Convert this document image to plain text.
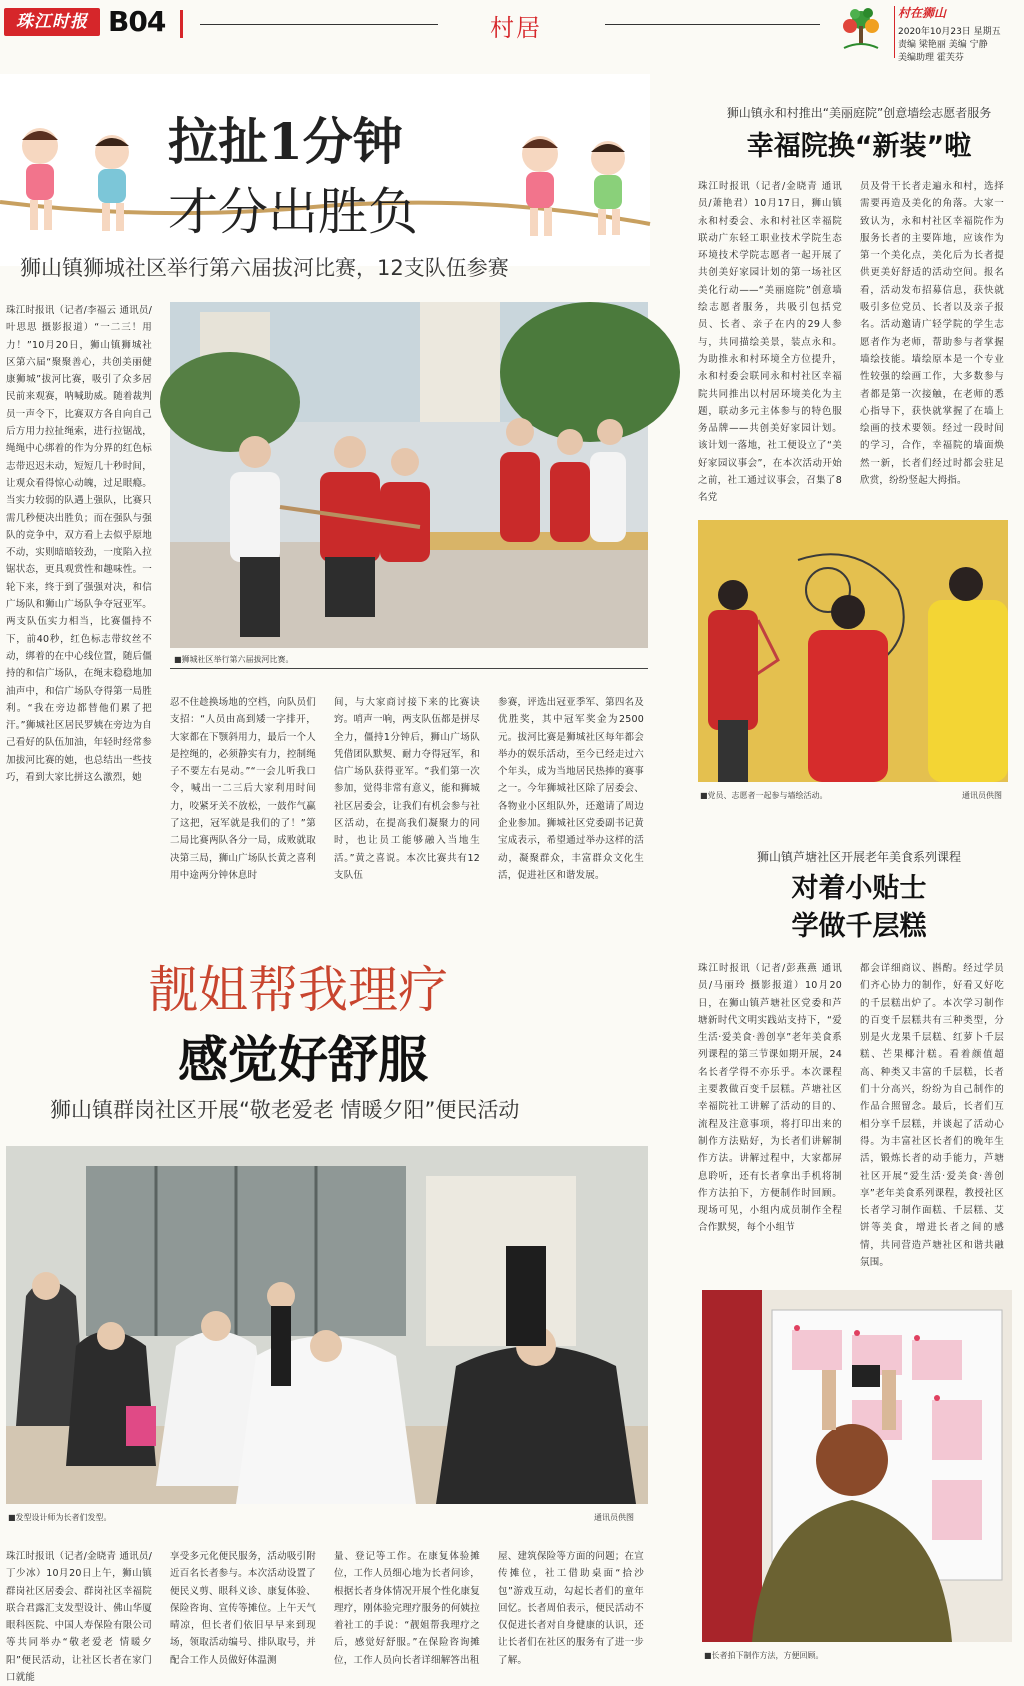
珠江时报 B04	村居
村在狮山
2020年10月23日 星期五
责编 梁艳丽 美编 宁静
美编助理 霍芙芬
拉扯1分钟
才分出胜负
狮山镇狮城社区举行第六届拔河比赛，12支队伍参赛
珠江时报讯（记者/李福云 通讯员/叶思思 摄影报道）“一二三！用力！”10月20日，狮山镇狮城社区第六届“聚聚善心，共创美丽健康狮城”拔河比赛，吸引了众多居民前来观赛，呐喊助威。随着裁判员一声令下，比赛双方各自向自己后方用力拉扯绳索，进行拉锯战，绳绳中心绑着的作为分界的红色标志带迟迟未动，短短几十秒时间，让观众看得惊心动魄，过足眼瘾。当实力较弱的队遇上强队，比赛只需几秒便决出胜负；而在强队与强队的竞争中，双方看上去似乎原地不动，实则暗暗较劲，一度陷入拉锯状态，更具观赏性和趣味性。一轮下来，终于到了强强对决，和信广场队和狮山广场队争夺冠亚军。两支队伍实力相当，比赛僵持不下，前40秒，红色标志带纹丝不动，绑着的在中心线位置，随后僵持的和信广场队，在绳末稳稳地加油声中，和信广场队夺得第一局胜利。“我在旁边都替他们累了把汗。”狮城社区居民罗姨在旁边为自己看好的队伍加油，年轻时经常参加拔河比赛的她，也总结出一些技巧，看到大家比拼这么激烈，她
■狮城社区举行第六届拔河比赛。
忍不住趁换场地的空档，向队员们支招：“人员由高到矮一字排开，大家都在下颚斜用力，最后一个人是控绳的，必须静实有力，控制绳子不要左右晃动。”“一会儿听我口令，喊出一二三后大家利用时间力，咬紧牙关不放松，一鼓作气赢了这把，冠军就是我们的了！”第二局比赛两队各分一局，成败就取决第三局，狮山广场队长黄之喜利用中途两分钟休息时
间，与大家商讨接下来的比赛诀窍。哨声一响，两支队伍都是拼尽全力，僵持1分钟后，狮山广场队凭借团队默契、耐力夺得冠军，和信广场队获得亚军。“我们第一次参加，觉得非常有意义，能和狮城社区居委会，让我们有机会参与社区活动，在提高我们凝聚力的同时，也让员工能够融入当地生活。”黄之喜说。本次比赛共有12支队伍
参赛，评选出冠亚季军、第四名及优胜奖，其中冠军奖金为2500元。拔河比赛是狮城社区每年都会举办的娱乐活动，至今已经走过六个年头，成为当地居民热捧的赛事之一。今年狮城社区除了居委会、各物业小区组队外，还邀请了周边企业参加。狮城社区党委副书记黄宝成表示，希望通过举办这样的活动，凝聚群众，丰富群众文化生活，促进社区和谐发展。
狮山镇永和村推出“美丽庭院”创意墙绘志愿者服务
幸福院换“新装”啦
珠江时报讯（记者/金晓青 通讯员/萧艳君）10月17日，狮山镇永和村委会、永和村社区幸福院联动广东轻工职业技术学院生态环境技术学院志愿者一起开展了共创美好家园计划的第一场社区美化行动——“美丽庭院”创意墙绘志愿者服务，共吸引包括党员、长者、亲子在内的29人参与，共同描绘美景，装点永和。为助推永和村环境全方位提升，永和村委会联同永和村社区幸福院共同推出以村居环境美化为主题，联动多元主体参与的特色服务品牌——共创美好家园计划。该计划一落地，社工便设立了“美好家园议事会”，在本次活动开始之前，社工通过议事会，召集了8名党
员及骨干长者走遍永和村，选择需要再造及美化的角落。大家一致认为，永和村社区幸福院作为服务长者的主要阵地，应该作为第一个美化点，美化后为长者提供更美好舒适的活动空间。报名看，活动发布招募信息，获快就吸引多位党员、长者以及亲子报名。活动邀请广轻学院的学生志愿者作为老师，帮助参与者掌握墙绘技能。墙绘原本是一个专业性较强的绘画工作，大多数参与者都是第一次接触，在老师的悉心指导下，获快就掌握了在墙上绘画的技术要领。经过一段时间的学习，合作，幸福院的墙面焕然一新，长者们经过时都会驻足欣赏，纷纷竖起大拇指。
■党员、志愿者一起参与墙绘活动。	通讯员供图
狮山镇芦塘社区开展老年美食系列课程
对着小贴士
学做千层糕
珠江时报讯（记者/彭燕燕 通讯员/马丽玲 摄影报道）10月20日，在狮山镇芦塘社区党委和芦塘新时代文明实践站支持下，“爱生活·爱美食·善创享”老年美食系列课程的第三节课如期开展，24名长者学得不亦乐乎。本次课程主要教做百变千层糕。芦塘社区幸福院社工讲解了活动的目的、流程及注意事项，将打印出来的制作方法贴好，为长者们讲解制作方法。讲解过程中，大家都屏息聆听，还有长者拿出手机将制作方法拍下，方便制作时回顾。现场可见，小组内成员制作全程合作默契，每个小组节
都会详细商议、斟酌。经过学员们齐心协力的制作，好看又好吃的千层糕出炉了。本次学习制作的百变千层糕共有三种类型，分别是火龙果千层糕、红萝卜千层糕、芒果椰汁糕。看着颜值超高、种类又丰富的千层糕，长者们十分高兴，纷纷为自己制作的作品合照留念。最后，长者们互相分享千层糕，并谈起了活动心得。为丰富社区长者们的晚年生活，锻炼长者的动手能力，芦塘社区开展“爱生活·爱美食·善创享”老年美食系列课程，教授社区长者学习制作面糕、千层糕、艾饼等美食，增进长者之间的感情，共同营造芦塘社区和谐共融氛围。
■长者拍下制作方法，方便回顾。
靓姐帮我理疗
感觉好舒服
狮山镇群岗社区开展“敬老爱老 情暖夕阳”便民活动
■发型设计师为长者们发型。	通讯员供图
珠江时报讯（记者/金晓青 通讯员/丁少冰）10月20日上午，狮山镇群岗社区居委会、群岗社区幸福院联合君露汇支发型设计、佛山华厦眼科医院、中国人寿保险有限公司等共同举办“敬老爱老 情暖夕阳”便民活动，让社区长者在家门口就能
享受多元化便民服务，活动吸引附近百名长者参与。本次活动设置了便民义剪、眼科义诊、康复体验、保险咨询、宣传等摊位。上午天气晴凉，但长者们依旧早早来到现场，领取活动编号、排队取号，并配合工作人员做好体温测
量、登记等工作。在康复体验摊位，工作人员细心地为长者问诊，根据长者身体情况开展个性化康复理疗，刚体验完理疗服务的何姨拉着社工的手说：“靓姐帮我理疗之后，感觉好舒服。”在保险咨询摊位，工作人员向长者详细解答出租
屋、建筑保险等方面的问题；在宣传摊位，社工借助桌面“拾沙包”游戏互动，勾起长者们的童年回忆。长者周伯表示，便民活动不仅促进长者对自身健康的认识，还让长者们在社区的服务有了进一步了解。
